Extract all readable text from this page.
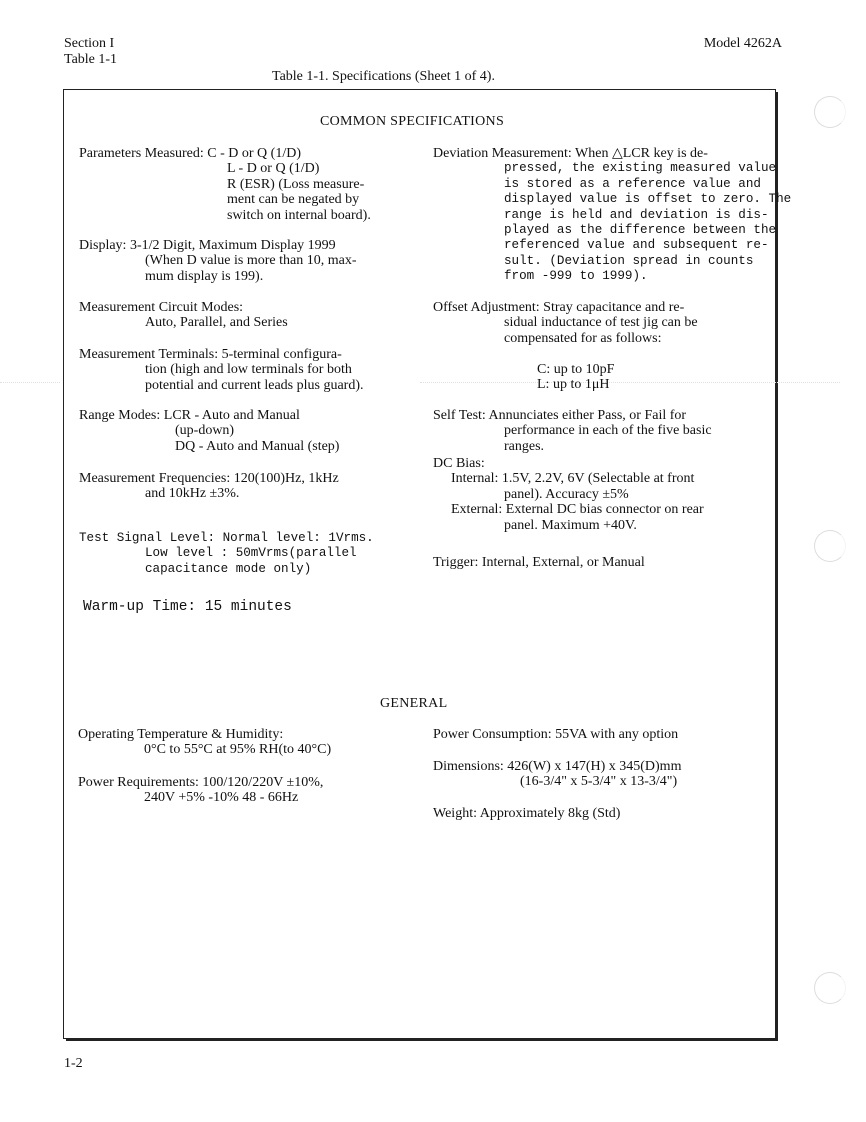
Section I
Table 1-1
Model 4262A
Table 1-1. Specifications (Sheet 1 of 4).
COMMON SPECIFICATIONS
Parameters Measured: C - D or Q (1/D)
L - D or Q (1/D)
R (ESR) (Loss measure-
ment can be negated by
switch on internal board).
Display: 3-1/2 Digit, Maximum Display 1999
(When D value is more than 10, max-
mum display is 199).
Measurement Circuit Modes:
Auto, Parallel, and Series
Measurement Terminals: 5-terminal configura-
tion (high and low terminals for both
potential and current leads plus guard).
Range Modes: LCR - Auto and Manual
(up-down)
DQ - Auto and Manual (step)
Measurement Frequencies: 120(100)Hz, 1kHz
and 10kHz ±3%.
Test Signal Level: Normal level: 1Vrms.
Low level : 50mVrms(parallel
capacitance mode only)
Warm-up Time: 15 minutes
Deviation Measurement: When △LCR key is de-
pressed, the existing measured value
is stored as a reference value and
displayed value is offset to zero. The
range is held and deviation is dis-
played as the difference between the
referenced value and subsequent re-
sult. (Deviation spread in counts
from -999 to 1999).
Offset Adjustment: Stray capacitance and re-
sidual inductance of test jig can be
compensated for as follows:
C: up to 10pF
L: up to 1μH
Self Test: Annunciates either Pass, or Fail for
performance in each of the five basic
ranges.
DC Bias:
Internal: 1.5V, 2.2V, 6V (Selectable at front
panel). Accuracy ±5%
External: External DC bias connector on rear
panel. Maximum +40V.
Trigger: Internal, External, or Manual
GENERAL
Operating Temperature & Humidity:
0°C to 55°C at 95% RH(to 40°C)
Power Requirements: 100/120/220V ±10%,
240V +5% -10% 48 - 66Hz
Power Consumption: 55VA with any option
Dimensions: 426(W) x 147(H) x 345(D)mm
(16-3/4" x 5-3/4" x 13-3/4")
Weight: Approximately 8kg (Std)
1-2
